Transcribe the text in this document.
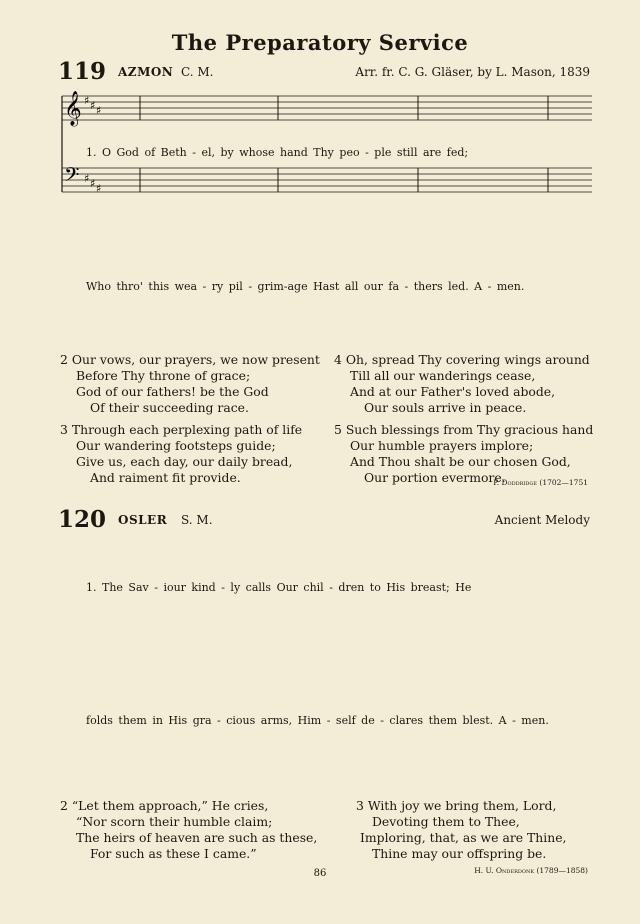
The Preparatory Service
119 AZMON C. M.	Arr. fr. C. G. Gläser, by L. Mason, 1839
𝄞
𝄢
♯
♯
♯
♯
♯
♯
1. O God of Beth - el, by whose hand Thy peo - ple still are fed;
Who thro' this wea - ry pil - grim-age Hast all our fa - thers led. A - men.
2 Our vows, our prayers, we now present
Before Thy throne of grace;
God of our fathers! be the God
Of their succeeding race.
3 Through each perplexing path of life
Our wandering footsteps guide;
Give us, each day, our daily bread,
And raiment fit provide.
4 Oh, spread Thy covering wings around
Till all our wanderings cease,
And at our Father's loved abode,
Our souls arrive in peace.
5 Such blessings from Thy gracious hand
Our humble prayers implore;
And Thou shalt be our chosen God,
Our portion evermore.
P. Doddridge (1702—1751
120 OSLER S. M.	Ancient Melody
1. The Sav - iour kind - ly calls Our chil - dren to His breast; He
folds them in His gra - cious arms, Him - self de - clares them blest. A - men.
2 “Let them approach,” He cries,
“Nor scorn their humble claim;
The heirs of heaven are such as these,
For such as these I came.”
3 With joy we bring them, Lord,
Devoting them to Thee,
Imploring, that, as we are Thine,
Thine may our offspring be.
H. U. Onderdonk (1789—1858)
86
